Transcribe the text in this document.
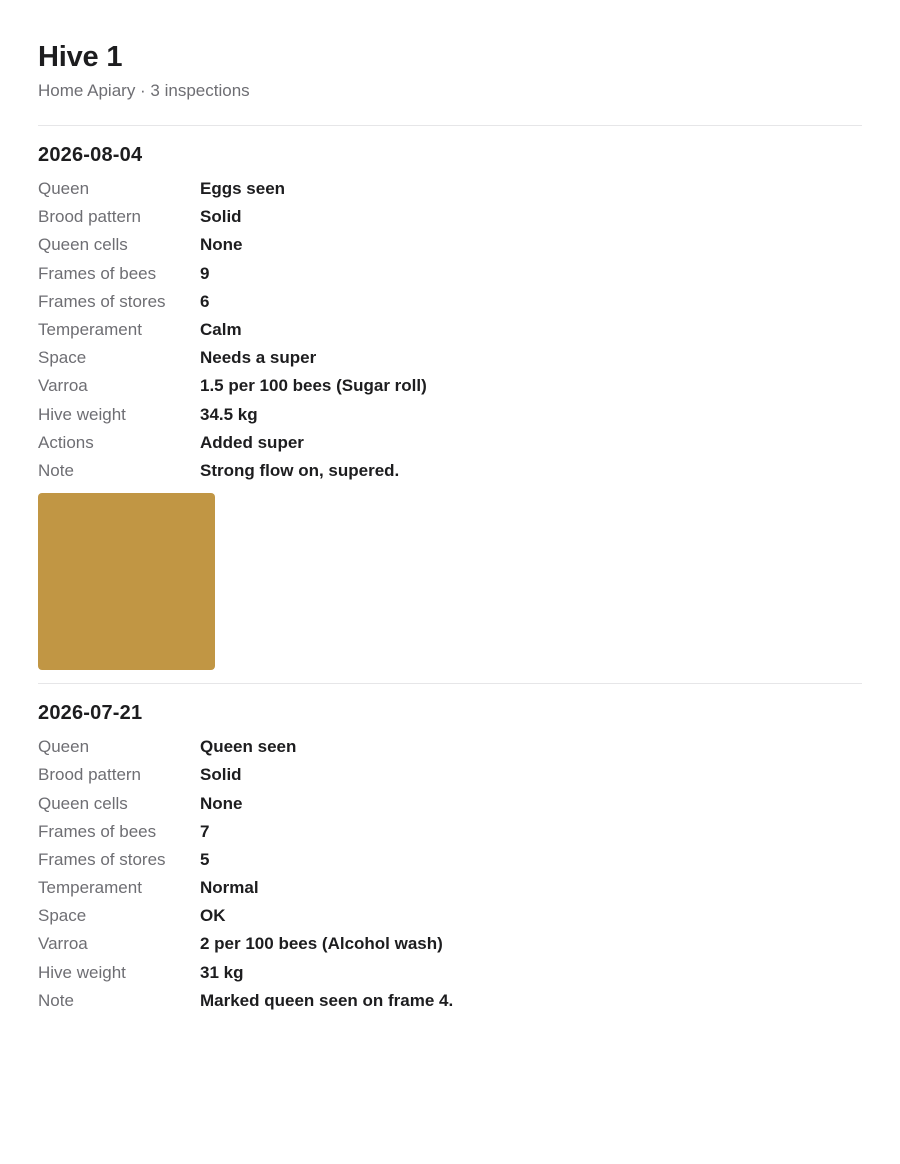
Hive 1
Home Apiary · 3 inspections
2026-08-04
Queen	Eggs seen
Brood pattern	Solid
Queen cells	None
Frames of bees	9
Frames of stores	6
Temperament	Calm
Space	Needs a super
Varroa	1.5 per 100 bees (Sugar roll)
Hive weight	34.5 kg
Actions	Added super
Note	Strong flow on, supered.
2026-07-21
Queen	Queen seen
Brood pattern	Solid
Queen cells	None
Frames of bees	7
Frames of stores	5
Temperament	Normal
Space	OK
Varroa	2 per 100 bees (Alcohol wash)
Hive weight	31 kg
Note	Marked queen seen on frame 4.
